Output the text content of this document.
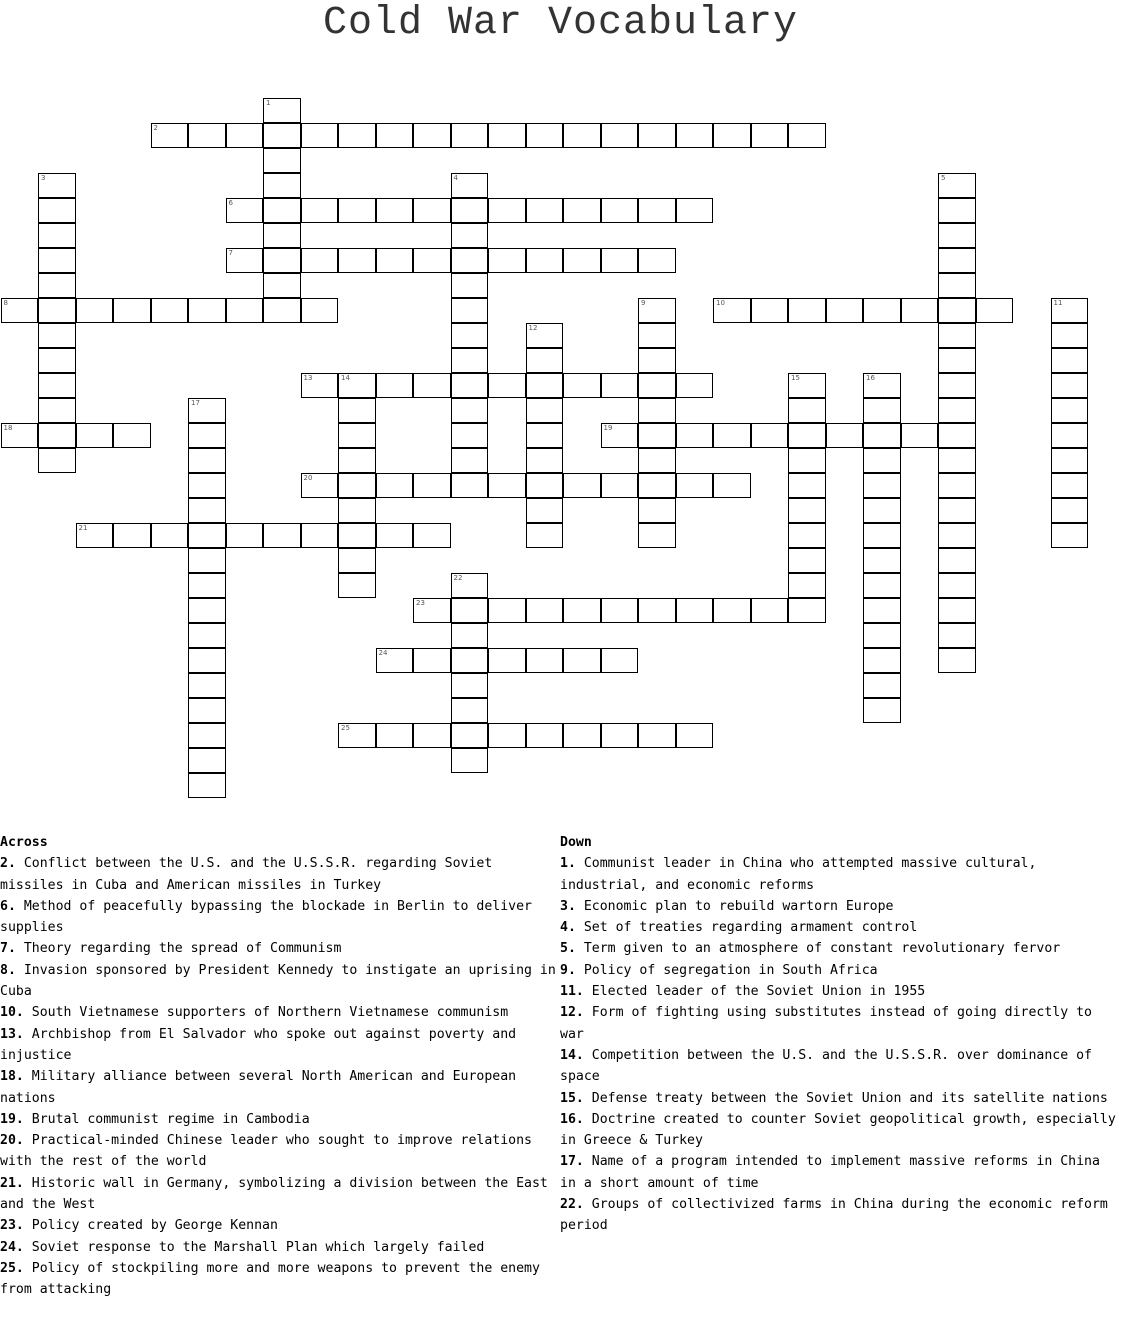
Cold War Vocabulary
1
2
3	4	5
6
7
8	9	10	11
12
13	14	15	16
17
18	19
20
21
22
23
24
25
Across

2. Conflict between the U.S. and the U.S.S.R. regarding Soviet missiles in Cuba and American missiles in Turkey

6. Method of peacefully bypassing the blockade in Berlin to deliver supplies

7. Theory regarding the spread of Communism

8. Invasion sponsored by President Kennedy to instigate an uprising in Cuba

10. South Vietnamese supporters of Northern Vietnamese communism

13. Archbishop from El Salvador who spoke out against poverty and injustice

18. Military alliance between several North American and European nations

19. Brutal communist regime in Cambodia

20. Practical-minded Chinese leader who sought to improve relations with the rest of the world

21. Historic wall in Germany, symbolizing a division between the East and the West

23. Policy created by George Kennan

24. Soviet response to the Marshall Plan which largely failed

25. Policy of stockpiling more and more weapons to prevent the enemy from attacking

Down

1. Communist leader in China who attempted massive cultural, industrial, and economic reforms

3. Economic plan to rebuild wartorn Europe

4. Set of treaties regarding armament control

5. Term given to an atmosphere of constant revolutionary fervor

9. Policy of segregation in South Africa

11. Elected leader of the Soviet Union in 1955

12. Form of fighting using substitutes instead of going directly to war

14. Competition between the U.S. and the U.S.S.R. over dominance of space

15. Defense treaty between the Soviet Union and its satellite nations

16. Doctrine created to counter Soviet geopolitical growth, especially in Greece & Turkey

17. Name of a program intended to implement massive reforms in China in a short amount of time

22. Groups of collectivized farms in China during the economic reform period
